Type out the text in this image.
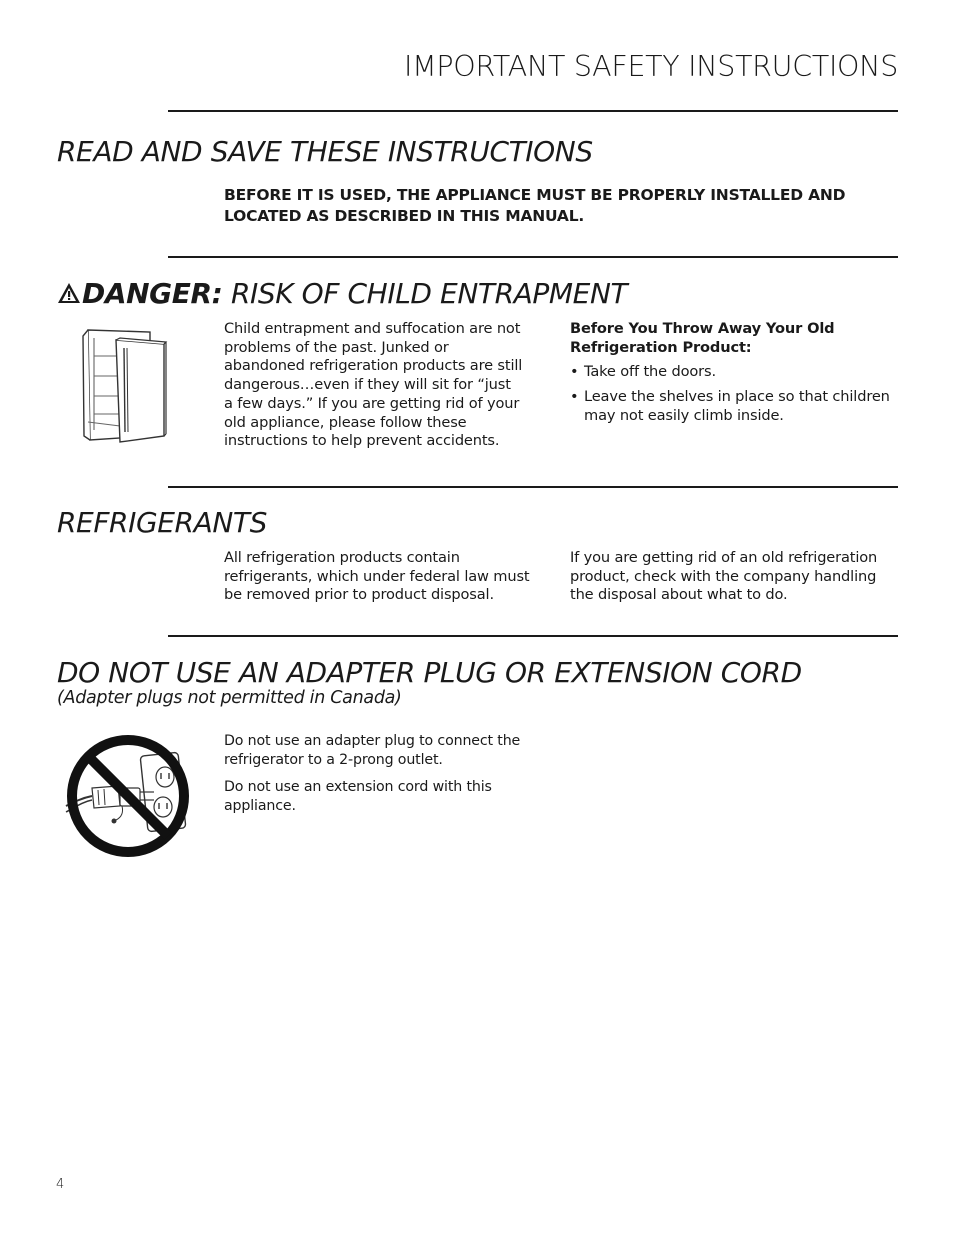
IMPORTANT SAFETY INSTRUCTIONS
READ AND SAVE THESE INSTRUCTIONS
BEFORE IT IS USED, THE APPLIANCE MUST BE PROPERLY INSTALLED AND LOCATED AS DESCRIBED IN THIS MANUAL.
DANGER: RISK OF CHILD ENTRAPMENT
Child entrapment and suffocation are not problems of the past. Junked or abandoned refrigeration products are still dangerous…even if they will sit for “just a few days.” If you are getting rid of your old appliance, please follow these instructions to help prevent accidents.
Before You Throw Away Your Old Refrigeration Product:
• Take off the doors.
• Leave the shelves in place so that children may not easily climb inside.
REFRIGERANTS
All refrigeration products contain refrigerants, which under federal law must be removed prior to product disposal.
If you are getting rid of an old refrigeration product, check with the company handling the disposal about what to do.
DO NOT USE AN ADAPTER PLUG OR EXTENSION CORD
(Adapter plugs not permitted in Canada)

Do not use an adapter plug to connect the refrigerator to a 2-prong outlet.

Do not use an extension cord with this appliance.

4
